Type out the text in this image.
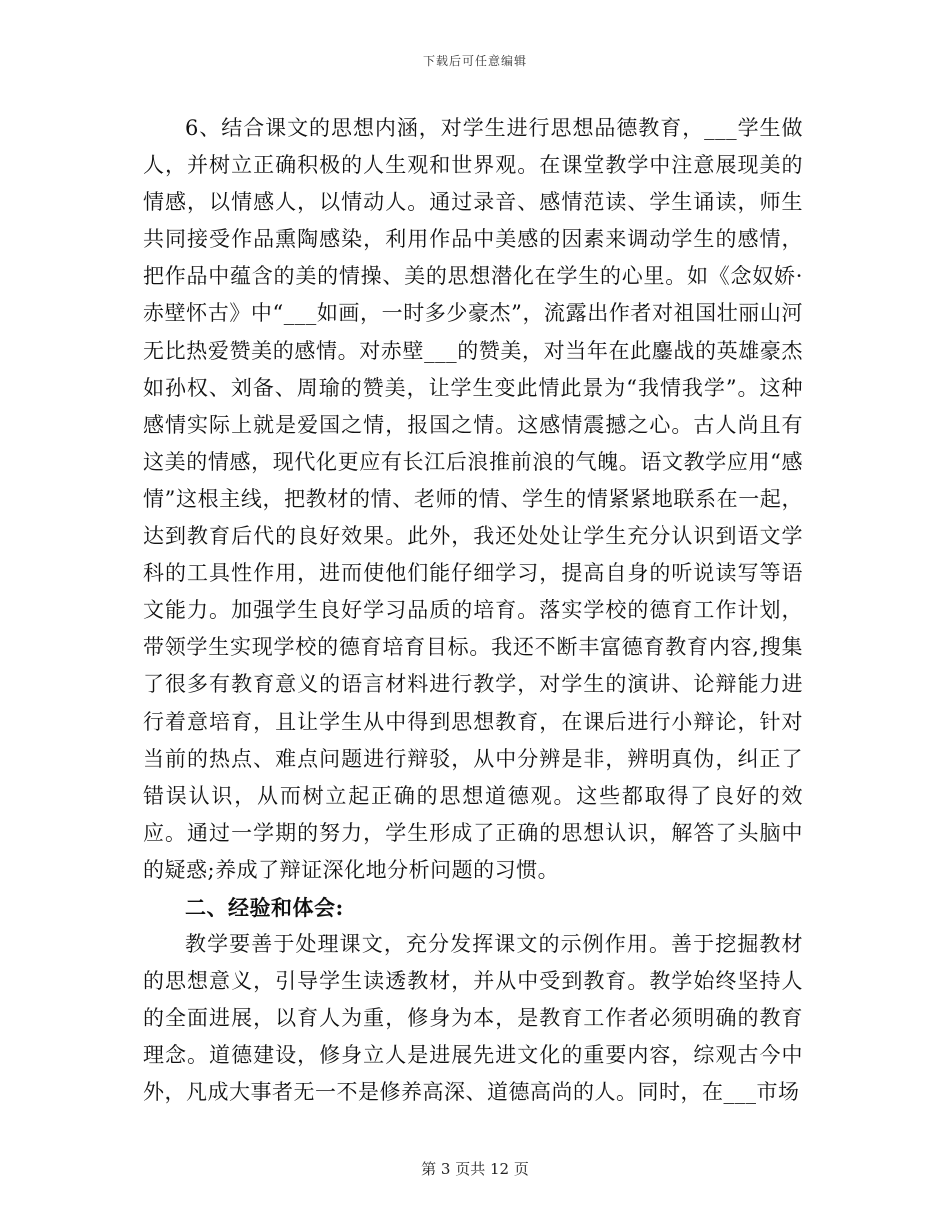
下载后可任意编辑

6、结合课文的思想内涵，对学生进行思想品德教育，___学生做人，并树立正确积极的人生观和世界观。在课堂教学中注意展现美的情感，以情感人，以情动人。通过录音、感情范读、学生诵读，师生共同接受作品熏陶感染，利用作品中美感的因素来调动学生的感情，把作品中蕴含的美的情操、美的思想潜化在学生的心里。如《念奴娇·赤壁怀古》中“___如画，一时多少豪杰”，流露出作者对祖国壮丽山河无比热爱赞美的感情。对赤壁___的赞美，对当年在此鏖战的英雄豪杰如孙权、刘备、周瑜的赞美，让学生变此情此景为“我情我学”。这种感情实际上就是爱国之情，报国之情。这感情震撼之心。古人尚且有这美的情感，现代化更应有长江后浪推前浪的气魄。语文教学应用“感情”这根主线，把教材的情、老师的情、学生的情紧紧地联系在一起，达到教育后代的良好效果。此外，我还处处让学生充分认识到语文学科的工具性作用，进而使他们能仔细学习，提高自身的听说读写等语文能力。加强学生良好学习品质的培育。落实学校的德育工作计划，带领学生实现学校的德育培育目标。我还不断丰富德育教育内容,搜集了很多有教育意义的语言材料进行教学，对学生的演讲、论辩能力进行着意培育，且让学生从中得到思想教育，在课后进行小辩论，针对当前的热点、难点问题进行辩驳，从中分辨是非，辨明真伪，纠正了错误认识，从而树立起正确的思想道德观。这些都取得了良好的效应。通过一学期的努力，学生形成了正确的思想认识，解答了头脑中的疑惑;养成了辩证深化地分析问题的习惯。

二、经验和体会:

教学要善于处理课文，充分发挥课文的示例作用。善于挖掘教材的思想意义，引导学生读透教材，并从中受到教育。教学始终坚持人的全面进展，以育人为重，修身为本，是教育工作者必须明确的教育理念。道德建设，修身立人是进展先进文化的重要内容，综观古今中外，凡成大事者无一不是修养高深、道德高尚的人。同时，在___市场

第 3 页共 12 页
